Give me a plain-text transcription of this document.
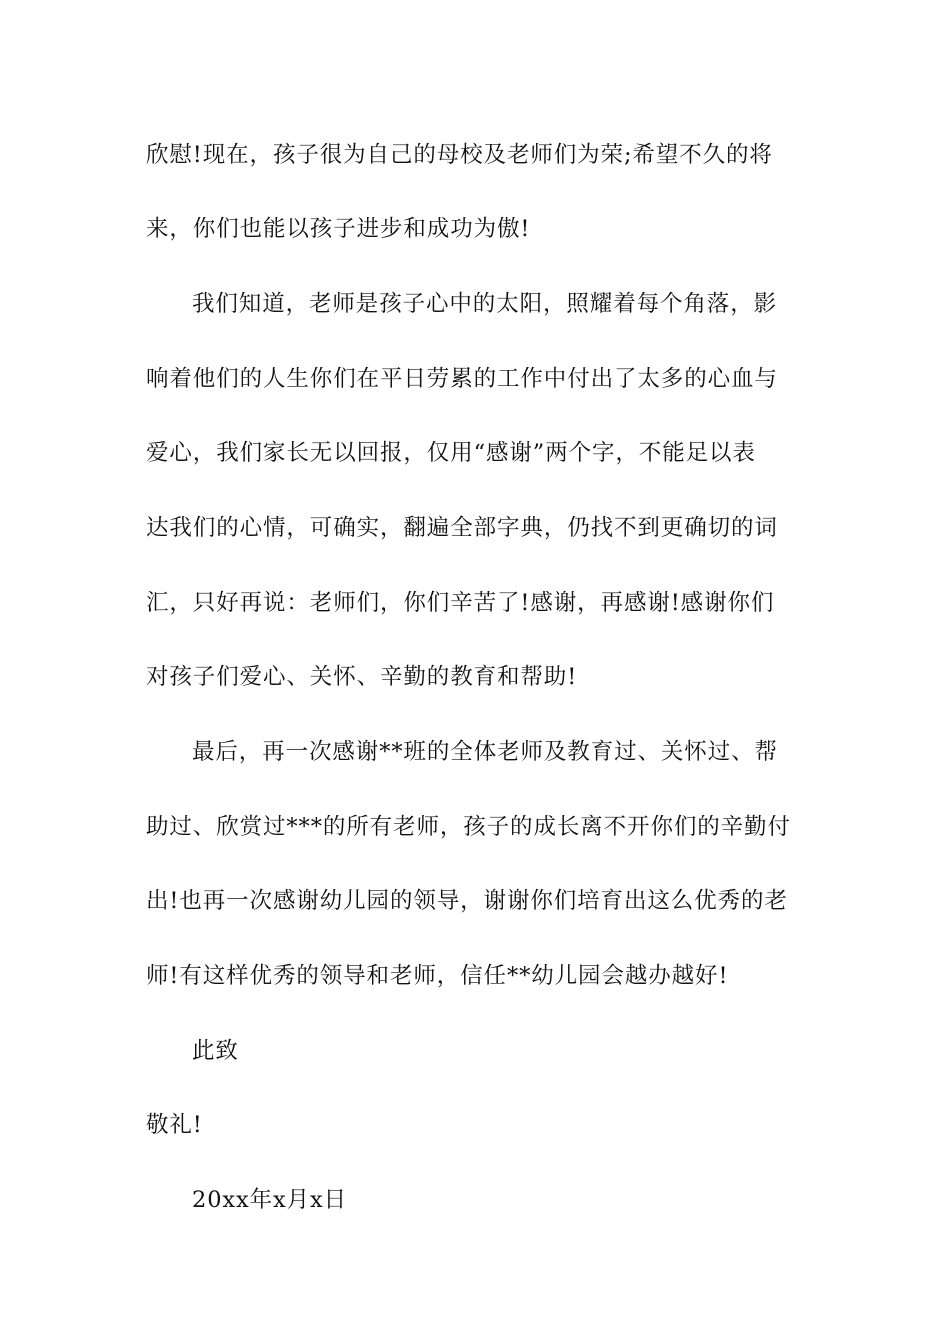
欣慰!现在，孩子很为自己的母校及老师们为荣;希望不久的将
来，你们也能以孩子进步和成功为傲!
我们知道，老师是孩子心中的太阳，照耀着每个角落，影
响着他们的人生你们在平日劳累的工作中付出了太多的心血与
爱心，我们家长无以回报，仅用“感谢”两个字，不能足以表
达我们的心情，可确实，翻遍全部字典，仍找不到更确切的词
汇，只好再说：老师们，你们辛苦了!感谢，再感谢!感谢你们
对孩子们爱心、关怀、辛勤的教育和帮助!
最后，再一次感谢**班的全体老师及教育过、关怀过、帮
助过、欣赏过***的所有老师，孩子的成长离不开你们的辛勤付
出!也再一次感谢幼儿园的领导，谢谢你们培育出这么优秀的老
师!有这样优秀的领导和老师，信任**幼儿园会越办越好!
此致
敬礼!
20xx年x月x日
